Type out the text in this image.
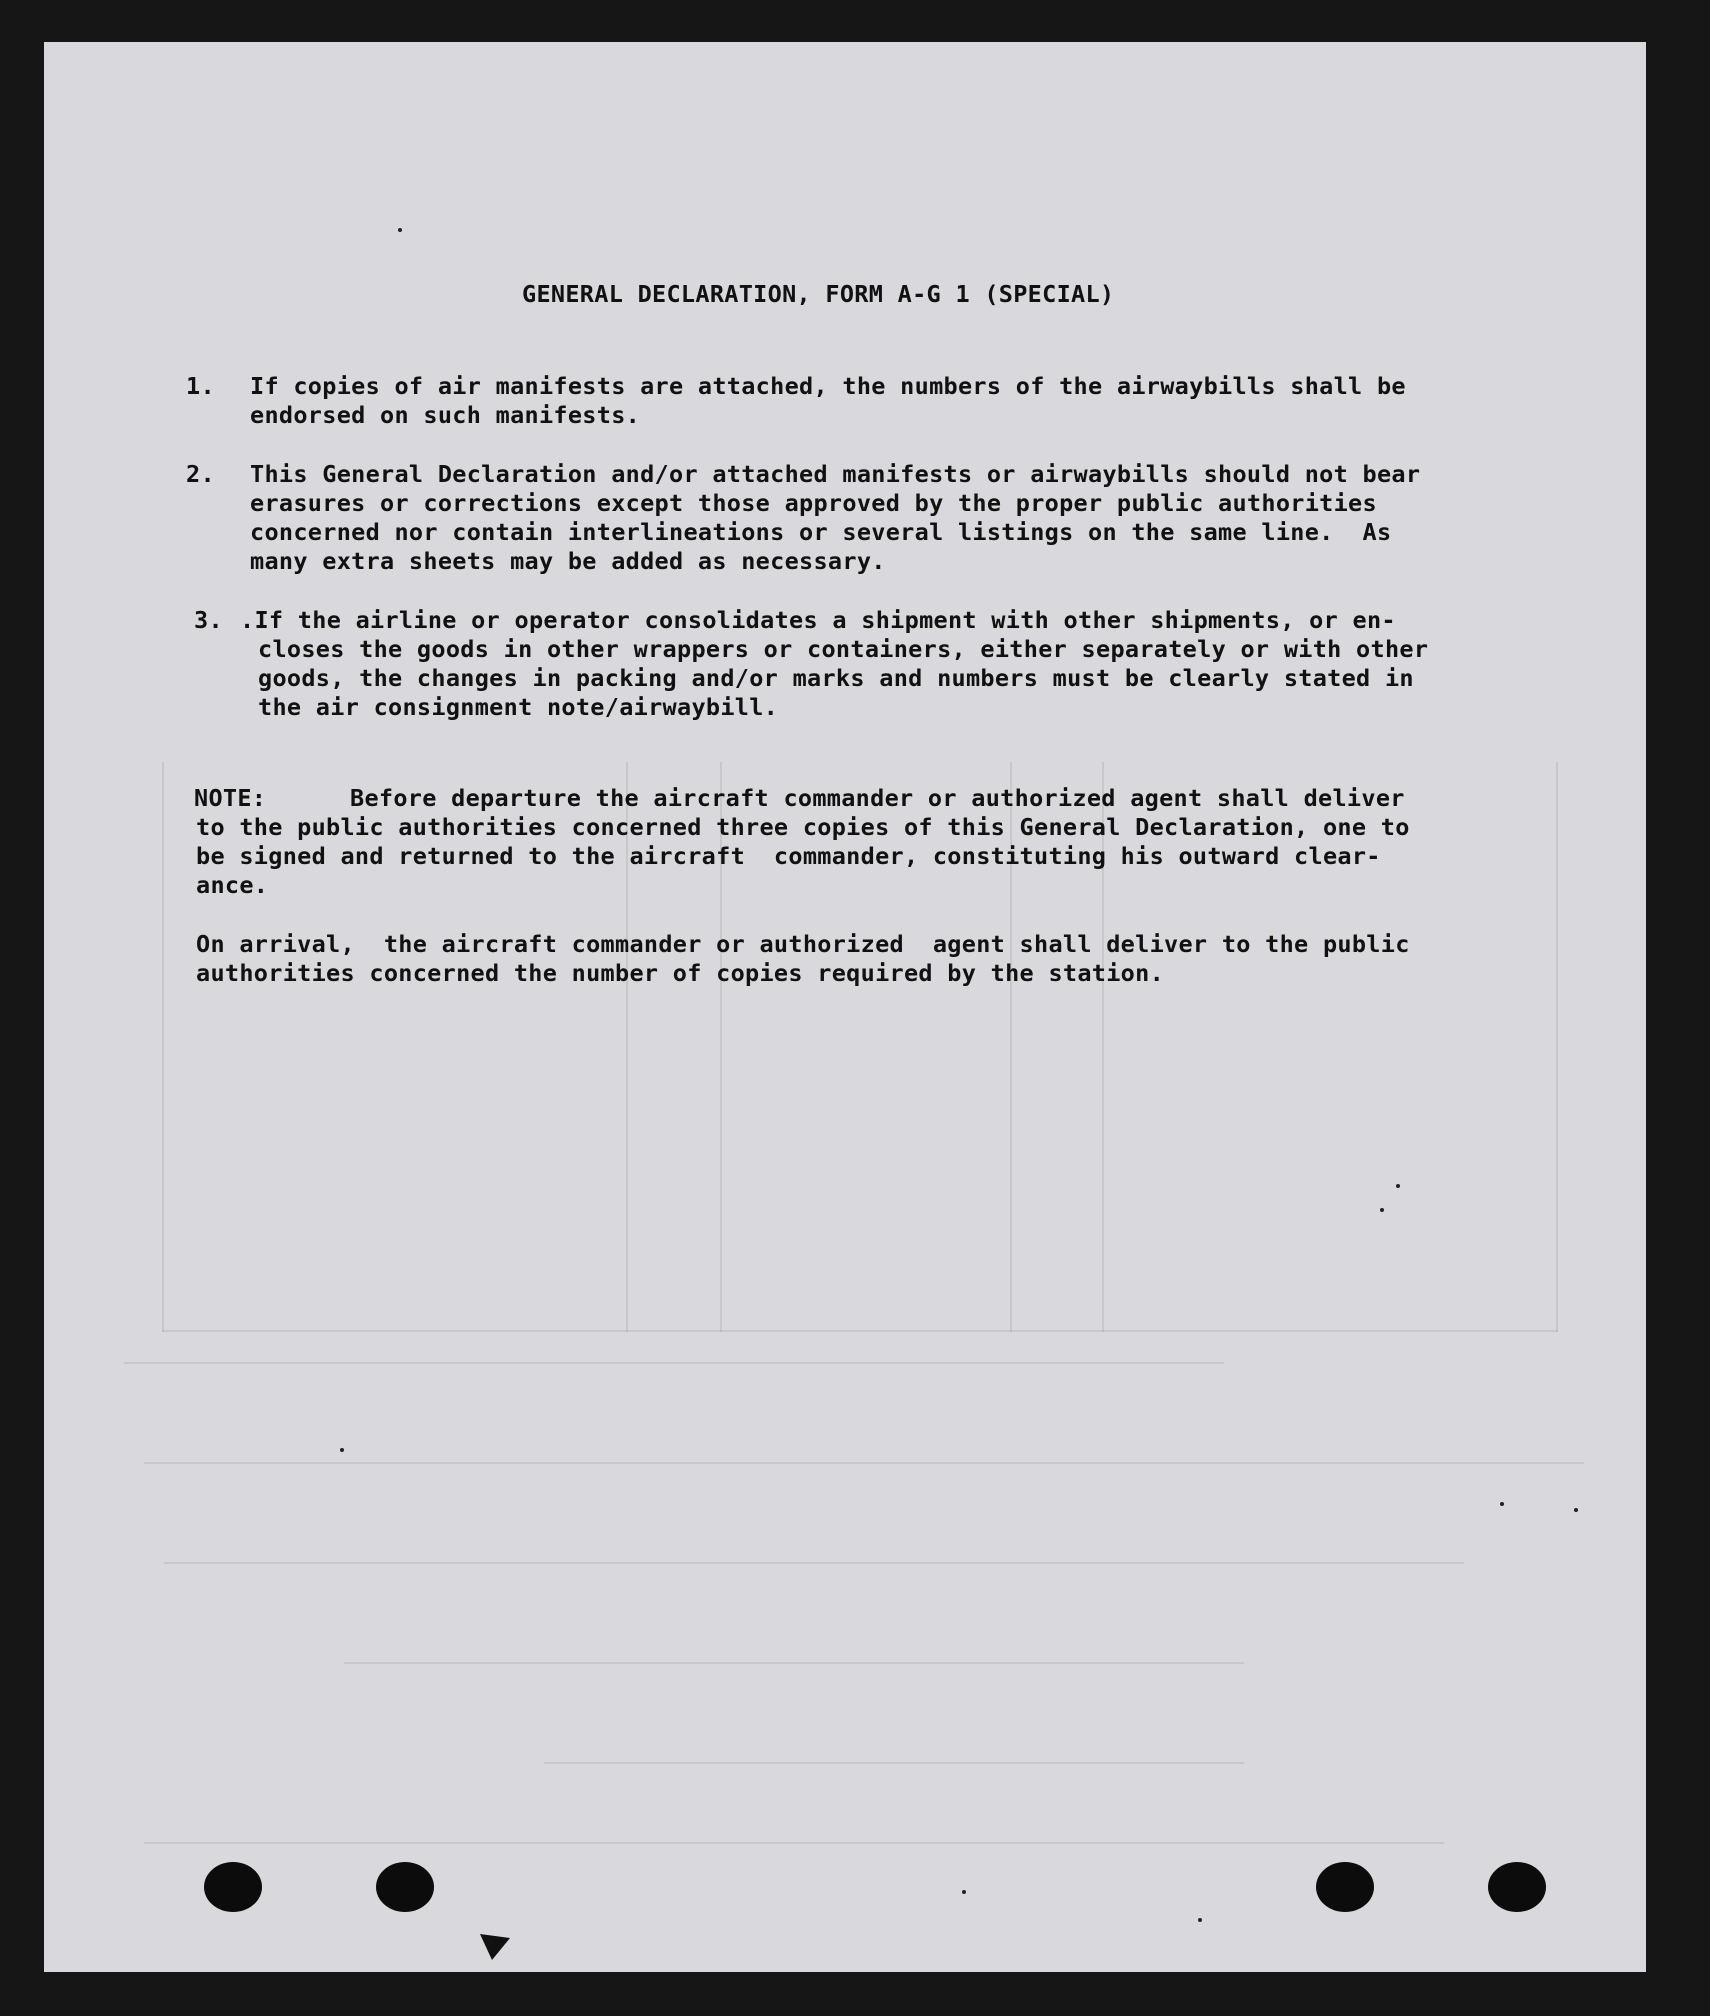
GENERAL DECLARATION, FORM A-G 1 (SPECIAL)
1. If copies of air manifests are attached, the numbers of the airwaybills shall be
endorsed on such manifests.
2. This General Declaration and/or attached manifests or airwaybills should not bear
erasures or corrections except those approved by the proper public authorities
concerned nor contain interlineations or several listings on the same line.  As
many extra sheets may be added as necessary.
3. .If the airline or operator consolidates a shipment with other shipments, or en-
closes the goods in other wrappers or containers, either separately or with other
goods, the changes in packing and/or marks and numbers must be clearly stated in
the air consignment note/airwaybill.
NOTE:	Before departure the aircraft commander or authorized agent shall deliver
to the public authorities concerned three copies of this General Declaration, one to
be signed and returned to the aircraft  commander, constituting his outward clear-
ance.
On arrival,  the aircraft commander or authorized  agent shall deliver to the public
authorities concerned the number of copies required by the station.
